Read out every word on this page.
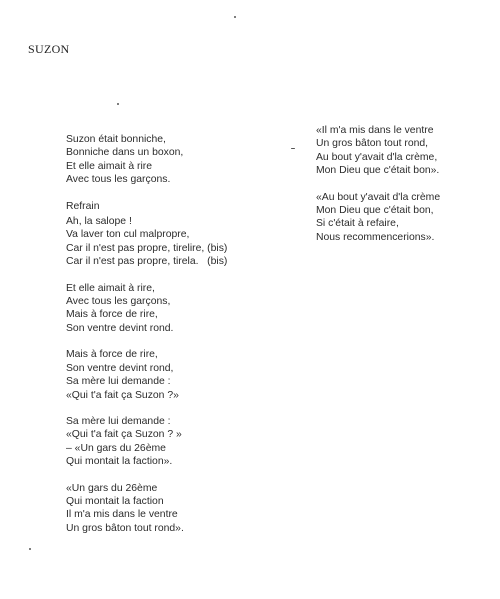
SUZON
Suzon était bonniche,
Bonniche dans un boxon,
Et elle aimait à rire
Avec tous les garçons.
Refrain
Ah, la salope !
Va laver ton cul malpropre,
Car il n'est pas propre, tirelire, (bis)
Car il n'est pas propre, tirela.   (bis)
Et elle aimait à rire,
Avec tous les garçons,
Mais à force de rire,
Son ventre devint rond.
Mais à force de rire,
Son ventre devint rond,
Sa mère lui demande :
«Qui t'a fait ça Suzon ?»
Sa mère lui demande :
«Qui t'a fait ça Suzon ? »
– «Un gars du 26ème
Qui montait la faction».
«Un gars du 26ème
Qui montait la faction
Il m'a mis dans le ventre
Un gros bâton tout rond».
«Il m'a mis dans le ventre
Un gros bâton tout rond,
Au bout y'avait d'la crème,
Mon Dieu que c'était bon».
«Au bout y'avait d'la crème
Mon Dieu que c'était bon,
Si c'était à refaire,
Nous recommencerions».
